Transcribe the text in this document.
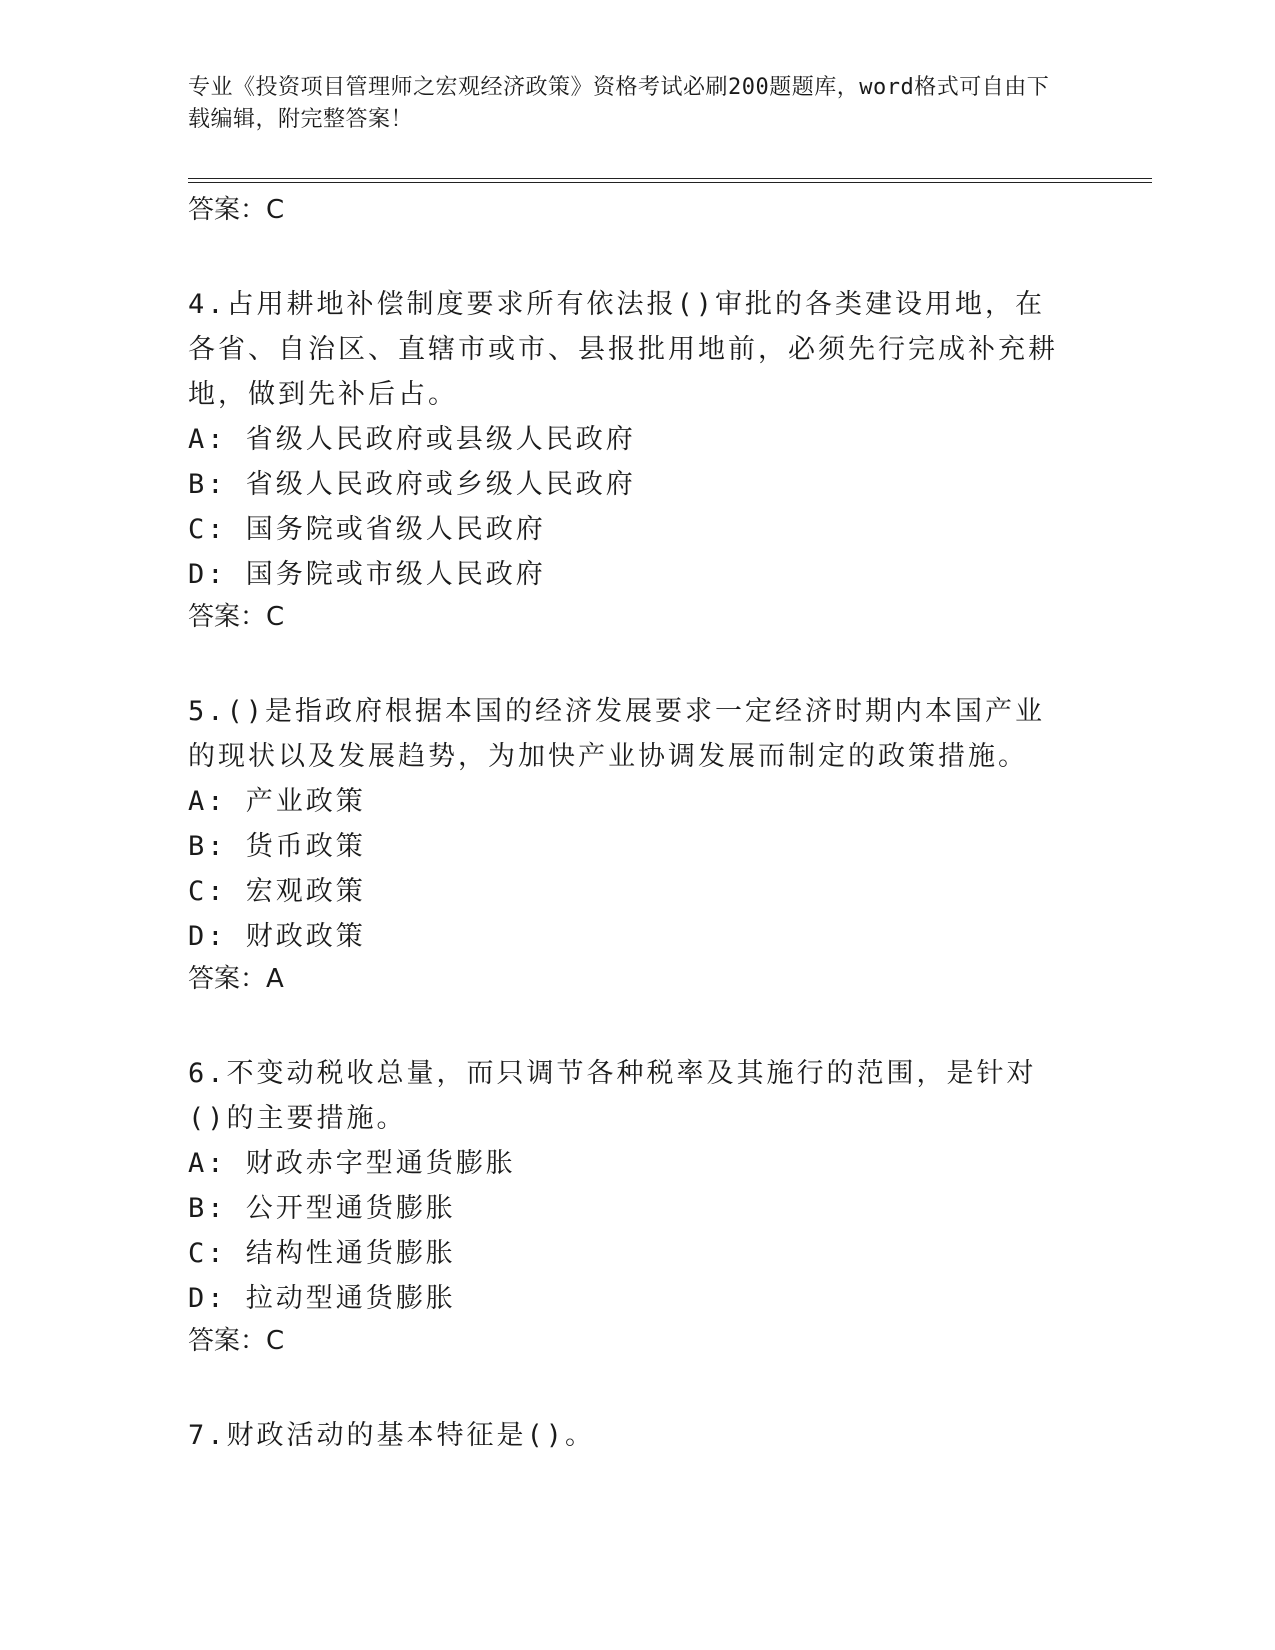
专业《投资项目管理师之宏观经济政策》资格考试必刷200题题库，word格式可自由下载编辑，附完整答案！
答案：C
4.占用耕地补偿制度要求所有依法报()审批的各类建设用地，在各省、自治区、直辖市或市、县报批用地前，必须先行完成补充耕地，做到先补后占。
A: 省级人民政府或县级人民政府
B: 省级人民政府或乡级人民政府
C: 国务院或省级人民政府
D: 国务院或市级人民政府
答案：C
5.()是指政府根据本国的经济发展要求一定经济时期内本国产业的现状以及发展趋势，为加快产业协调发展而制定的政策措施。
A: 产业政策
B: 货币政策
C: 宏观政策
D: 财政政策
答案：A
6.不变动税收总量，而只调节各种税率及其施行的范围，是针对()的主要措施。
A: 财政赤字型通货膨胀
B: 公开型通货膨胀
C: 结构性通货膨胀
D: 拉动型通货膨胀
答案：C
7.财政活动的基本特征是()。
